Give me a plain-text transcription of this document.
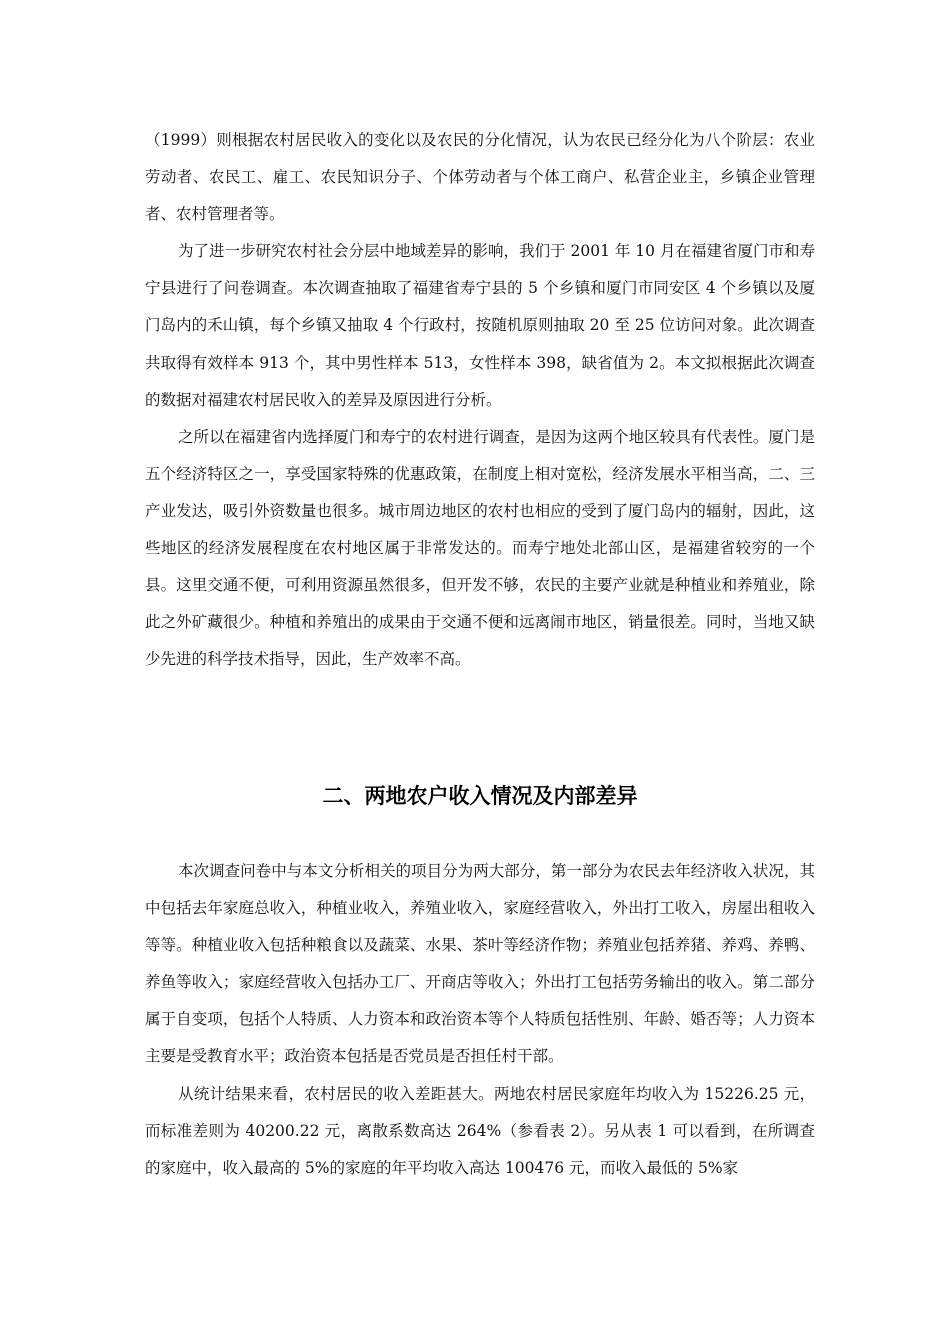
（1999）则根据农村居民收入的变化以及农民的分化情况，认为农民已经分化为八个阶层：农业劳动者、农民工、雇工、农民知识分子、个体劳动者与个体工商户、私营企业主，乡镇企业管理者、农村管理者等。

为了进一步研究农村社会分层中地域差异的影响，我们于 2001 年 10 月在福建省厦门市和寿宁县进行了问卷调查。本次调查抽取了福建省寿宁县的 5 个乡镇和厦门市同安区 4 个乡镇以及厦门岛内的禾山镇，每个乡镇又抽取 4 个行政村，按随机原则抽取 20 至 25 位访问对象。此次调查共取得有效样本 913 个，其中男性样本 513，女性样本 398，缺省值为 2。本文拟根据此次调查的数据对福建农村居民收入的差异及原因进行分析。

之所以在福建省内选择厦门和寿宁的农村进行调查，是因为这两个地区较具有代表性。厦门是五个经济特区之一，享受国家特殊的优惠政策，在制度上相对宽松，经济发展水平相当高，二、三产业发达，吸引外资数量也很多。城市周边地区的农村也相应的受到了厦门岛内的辐射，因此，这些地区的经济发展程度在农村地区属于非常发达的。而寿宁地处北部山区，是福建省较穷的一个县。这里交通不便，可利用资源虽然很多，但开发不够，农民的主要产业就是种植业和养殖业，除此之外矿藏很少。种植和养殖出的成果由于交通不便和远离闹市地区，销量很差。同时，当地又缺少先进的科学技术指导，因此，生产效率不高。

二、两地农户收入情况及内部差异

本次调查问卷中与本文分析相关的项目分为两大部分，第一部分为农民去年经济收入状况，其中包括去年家庭总收入，种植业收入，养殖业收入，家庭经营收入，外出打工收入，房屋出租收入等等。种植业收入包括种粮食以及蔬菜、水果、茶叶等经济作物；养殖业包括养猪、养鸡、养鸭、养鱼等收入；家庭经营收入包括办工厂、开商店等收入；外出打工包括劳务输出的收入。第二部分属于自变项，包括个人特质、人力资本和政治资本等个人特质包括性别、年龄、婚否等；人力资本主要是受教育水平；政治资本包括是否党员是否担任村干部。

从统计结果来看，农村居民的收入差距甚大。两地农村居民家庭年均收入为 15226.25 元，而标准差则为 40200.22 元，离散系数高达 264%（参看表 2）。另从表 1 可以看到，在所调查的家庭中，收入最高的 5%的家庭的年平均收入高达 100476 元，而收入最低的 5%家
